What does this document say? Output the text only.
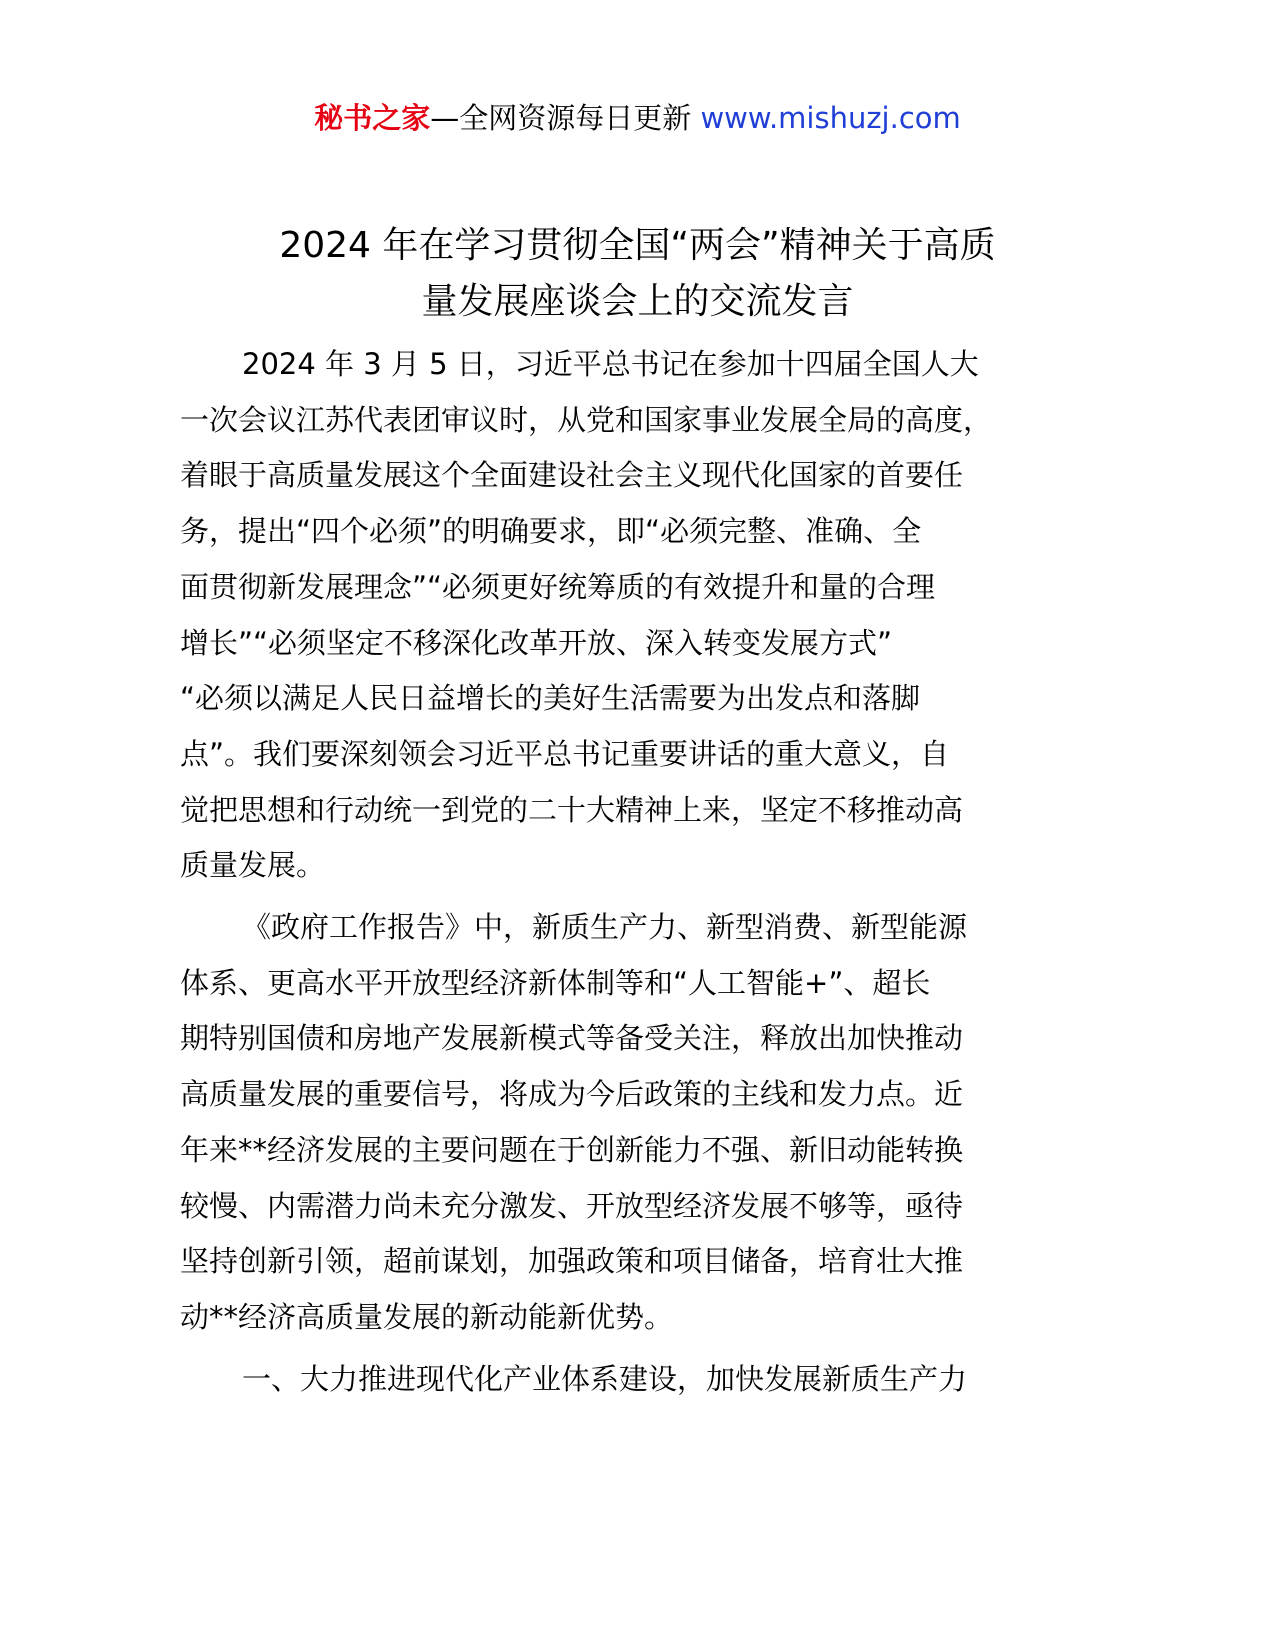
秘书之家—全网资源每日更新 www.mishuzj.com
2024 年在学习贯彻全国“两会”精神关于高质
量发展座谈会上的交流发言

2024 年 3 月 5 日，习近平总书记在参加十四届全国人大
一次会议江苏代表团审议时，从党和国家事业发展全局的高度，
着眼于高质量发展这个全面建设社会主义现代化国家的首要任
务，提出“四个必须”的明确要求，即“必须完整、准确、全
面贯彻新发展理念”“必须更好统筹质的有效提升和量的合理
增长”“必须坚定不移深化改革开放、深入转变发展方式”
“必须以满足人民日益增长的美好生活需要为出发点和落脚
点”。我们要深刻领会习近平总书记重要讲话的重大意义，自
觉把思想和行动统一到党的二十大精神上来，坚定不移推动高
质量发展。

《政府工作报告》中，新质生产力、新型消费、新型能源
体系、更高水平开放型经济新体制等和“人工智能+”、超长
期特别国债和房地产发展新模式等备受关注，释放出加快推动
高质量发展的重要信号，将成为今后政策的主线和发力点。近
年来**经济发展的主要问题在于创新能力不强、新旧动能转换
较慢、内需潜力尚未充分激发、开放型经济发展不够等，亟待
坚持创新引领，超前谋划，加强政策和项目储备，培育壮大推
动**经济高质量发展的新动能新优势。

一、大力推进现代化产业体系建设，加快发展新质生产力
